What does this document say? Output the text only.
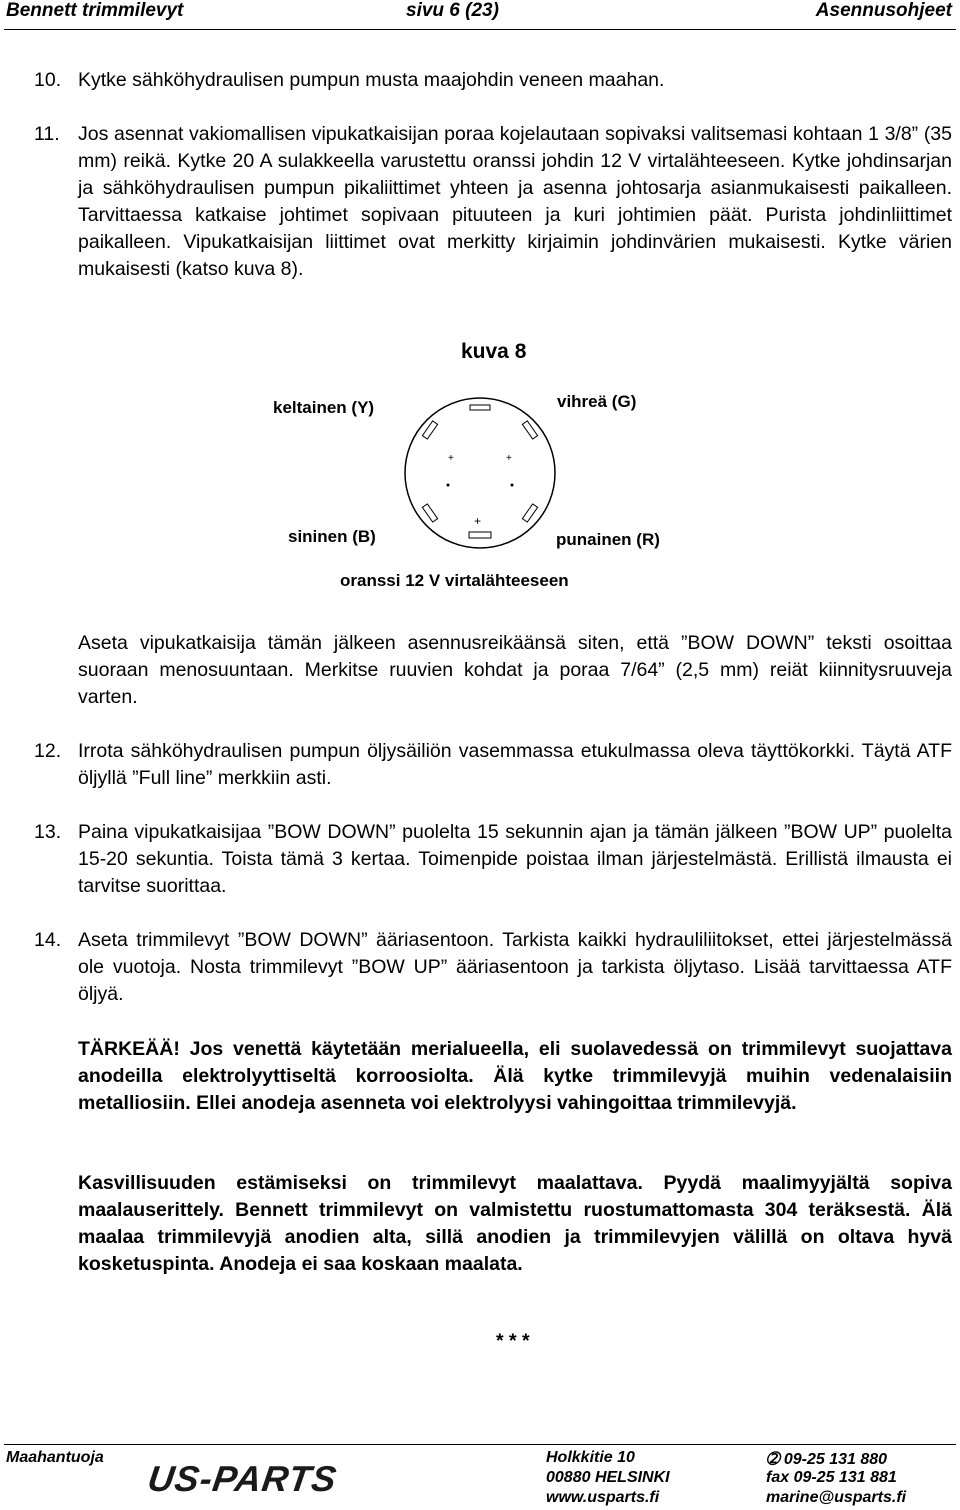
Bennett trimmilevyt	sivu 6 (23)	Asennusohjeet
10. Kytke sähköhydraulisen pumpun musta maajohdin veneen maahan.
11. Jos asennat vakiomallisen vipukatkaisijan poraa kojelautaan sopivaksi valitsemasi kohtaan 1 3/8” (35 mm) reikä. Kytke 20 A sulakkeella varustettu oranssi johdin 12 V virtalähteeseen. Kytke johdinsarjan ja sähköhydraulisen pumpun pikaliittimet yhteen ja asenna johtosarja asianmukaisesti paikalleen. Tarvittaessa katkaise johtimet sopivaan pituuteen ja kuri johtimien päät. Purista johdinliittimet paikalleen. Vipukatkaisijan liittimet ovat merkitty kirjaimin johdinvärien mukaisesti. Kytke värien mukaisesti (katso kuva 8).
kuva 8
keltainen (Y)	vihreä (G)
sininen (B)	punainen (R)
oranssi 12 V virtalähteeseen
+
+	+
Aseta vipukatkaisija tämän jälkeen asennusreikäänsä siten, että ”BOW DOWN” teksti osoittaa suoraan menosuuntaan. Merkitse ruuvien kohdat ja poraa 7/64” (2,5 mm) reiät kiinnitysruuveja varten.
12. Irrota sähköhydraulisen pumpun öljysäiliön vasemmassa etukulmassa oleva täyttökorkki. Täytä ATF öljyllä ”Full line” merkkiin asti.
13. Paina vipukatkaisijaa ”BOW DOWN” puolelta 15 sekunnin ajan ja tämän jälkeen ”BOW UP” puolelta 15-20 sekuntia. Toista tämä 3 kertaa. Toimenpide poistaa ilman järjestelmästä. Erillistä ilmausta ei tarvitse suorittaa.
14. Aseta trimmilevyt ”BOW DOWN” ääriasentoon. Tarkista kaikki hydrauliliitokset, ettei järjestelmässä ole vuotoja. Nosta trimmilevyt ”BOW UP” ääriasentoon ja tarkista öljytaso. Lisää tarvittaessa ATF öljyä.
TÄRKEÄÄ! Jos venettä käytetään merialueella, eli suolavedessä on trimmilevyt suojattava anodeilla elektrolyyttiseltä korroosiolta. Älä kytke trimmilevyjä muihin vedenalaisiin metalliosiin. Ellei anodeja asenneta voi elektrolyysi vahingoittaa trimmilevyjä.
Kasvillisuuden estämiseksi on trimmilevyt maalattava. Pyydä maalimyyjältä sopiva maalauserittely. Bennett trimmilevyt on valmistettu ruostumattomasta 304 teräksestä. Älä maalaa trimmilevyjä anodien alta, sillä anodien ja trimmilevyjen välillä on oltava hyvä kosketuspinta. Anodeja ei saa koskaan maalata.
* * *
Maahantuoja
US-PARTS
Holkkitie 10
00880 HELSINKI
www.usparts.fi
➁ 09-25 131 880
fax 09-25 131 881
marine@usparts.fi
